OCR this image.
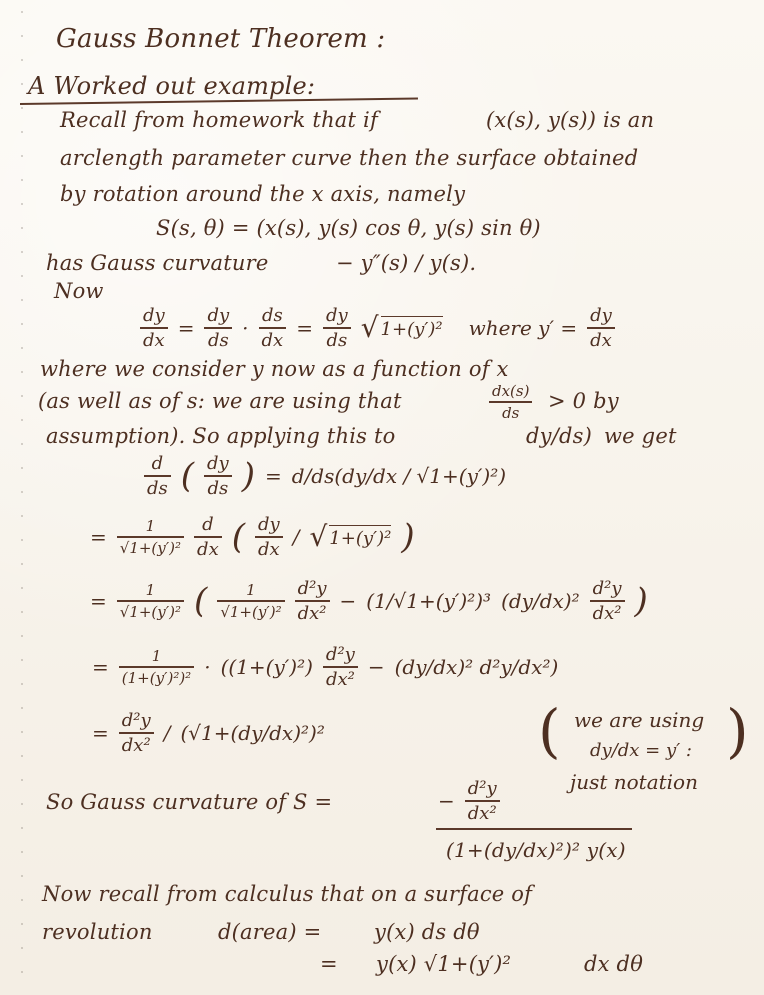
Gauss Bonnet Theorem :
A Worked out example:
Recall from homework that if	(x(s), y(s)) is an
arclength parameter curve then the surface obtained
by rotation around the x axis, namely
S(s, θ) = (x(s), y(s) cos θ, y(s) sin θ)
has Gauss curvature	− y″(s) / y(s).
Now
$\frac{dy}{dx} = \frac{dy}{ds} \cdot \frac{ds}{dx} = \frac{dy}{ds}$ √ 1+(y′)² where $y' = \frac{dy}{dx}$
where we consider y now as a function of x
(as well as of s: we are using that	$\frac{dx(s)}{ds} > 0$ by
assumption). So applying this to	dy/ds) we get
$\frac{d}{ds}$ ( $\frac{dy}{ds}$ ) = d/ds(dy/dx / √1+(y′)²)
= $\frac{1}{\text{√1+(y′)²}} \frac{d}{dx}$ ( $\frac{dy}{dx}$ / √ 1+(y′)² )
= $\frac{1}{\text{√1+(y′)²}}$ ( $\frac{1}{\text{√1+(y′)²}} \frac{\text{d²y}}{\text{dx²}} - (1/√1+(y')^2)^3$ $(dy/dx)^2 \frac{\text{d²y}}{\text{dx²}}$ )
= $\frac{1}{\text{(1+(y′)²)²}} \cdot ((1+(y')^2) \frac{\text{d²y}}{\text{dx²}} - (dy/dx)^2$ d²y/dx²)
= $\frac{\text{d²y}}{\text{dx²}} / (√1+(dy/dx)^2)^2$	(	)
we are using
dy/dx = y′ :
just notation
So Gauss curvature of S =	− $\frac{\text{d²y}}{\text{dx²}}$
(1+(dy/dx)²)² y(x)
Now recall from calculus that on a surface of
revolution	d(area) =	y(x) ds dθ
= y(x) √1+(y′)²	dx dθ
